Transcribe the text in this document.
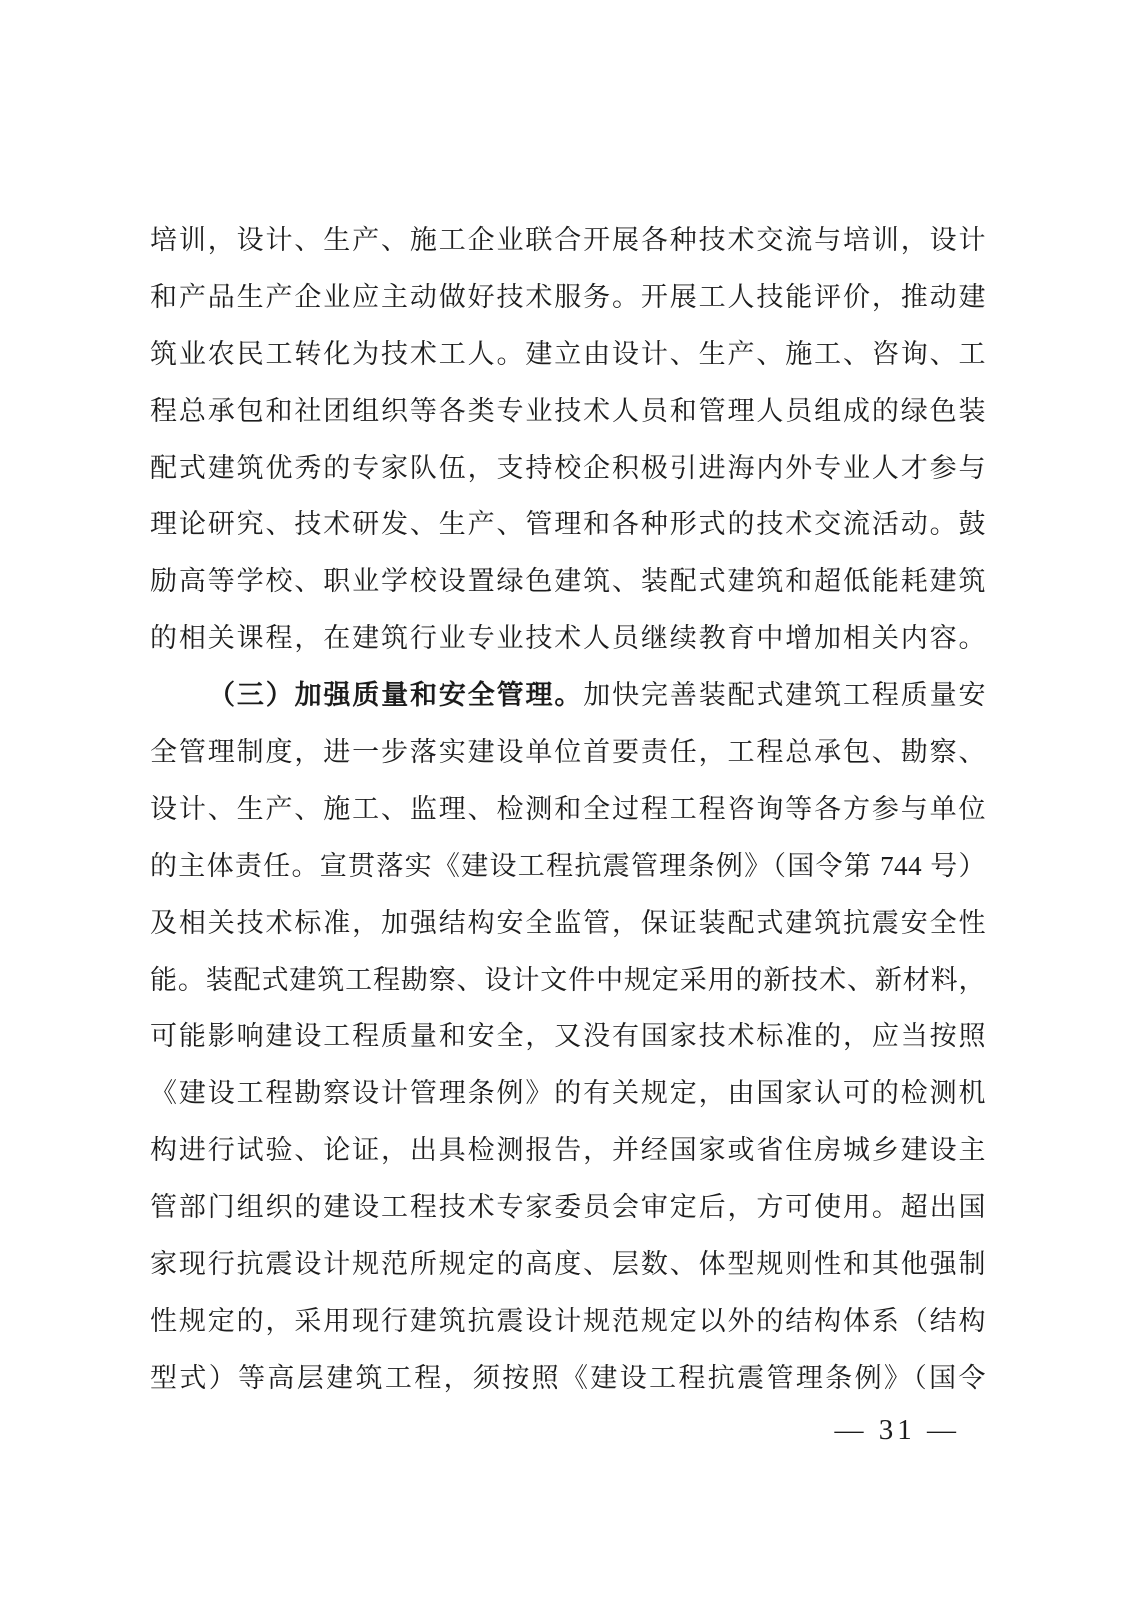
培训，设计、生产、施工企业联合开展各种技术交流与培训，设计
和产品生产企业应主动做好技术服务。开展工人技能评价，推动建
筑业农民工转化为技术工人。建立由设计、生产、施工、咨询、工
程总承包和社团组织等各类专业技术人员和管理人员组成的绿色装
配式建筑优秀的专家队伍，支持校企积极引进海内外专业人才参与
理论研究、技术研发、生产、管理和各种形式的技术交流活动。鼓
励高等学校、职业学校设置绿色建筑、装配式建筑和超低能耗建筑
的相关课程，在建筑行业专业技术人员继续教育中增加相关内容。
（三）加强质量和安全管理。加快完善装配式建筑工程质量安
全管理制度，进一步落实建设单位首要责任，工程总承包、勘察、
设计、生产、施工、监理、检测和全过程工程咨询等各方参与单位
的主体责任。宣贯落实《建设工程抗震管理条例》（国令第 744 号）
及相关技术标准，加强结构安全监管，保证装配式建筑抗震安全性
能。装配式建筑工程勘察、设计文件中规定采用的新技术、新材料，
可能影响建设工程质量和安全，又没有国家技术标准的，应当按照
《建设工程勘察设计管理条例》的有关规定，由国家认可的检测机
构进行试验、论证，出具检测报告，并经国家或省住房城乡建设主
管部门组织的建设工程技术专家委员会审定后，方可使用。超出国
家现行抗震设计规范所规定的高度、层数、体型规则性和其他强制
性规定的，采用现行建筑抗震设计规范规定以外的结构体系（结构
型式）等高层建筑工程，须按照《建设工程抗震管理条例》（国令
— 31 —
